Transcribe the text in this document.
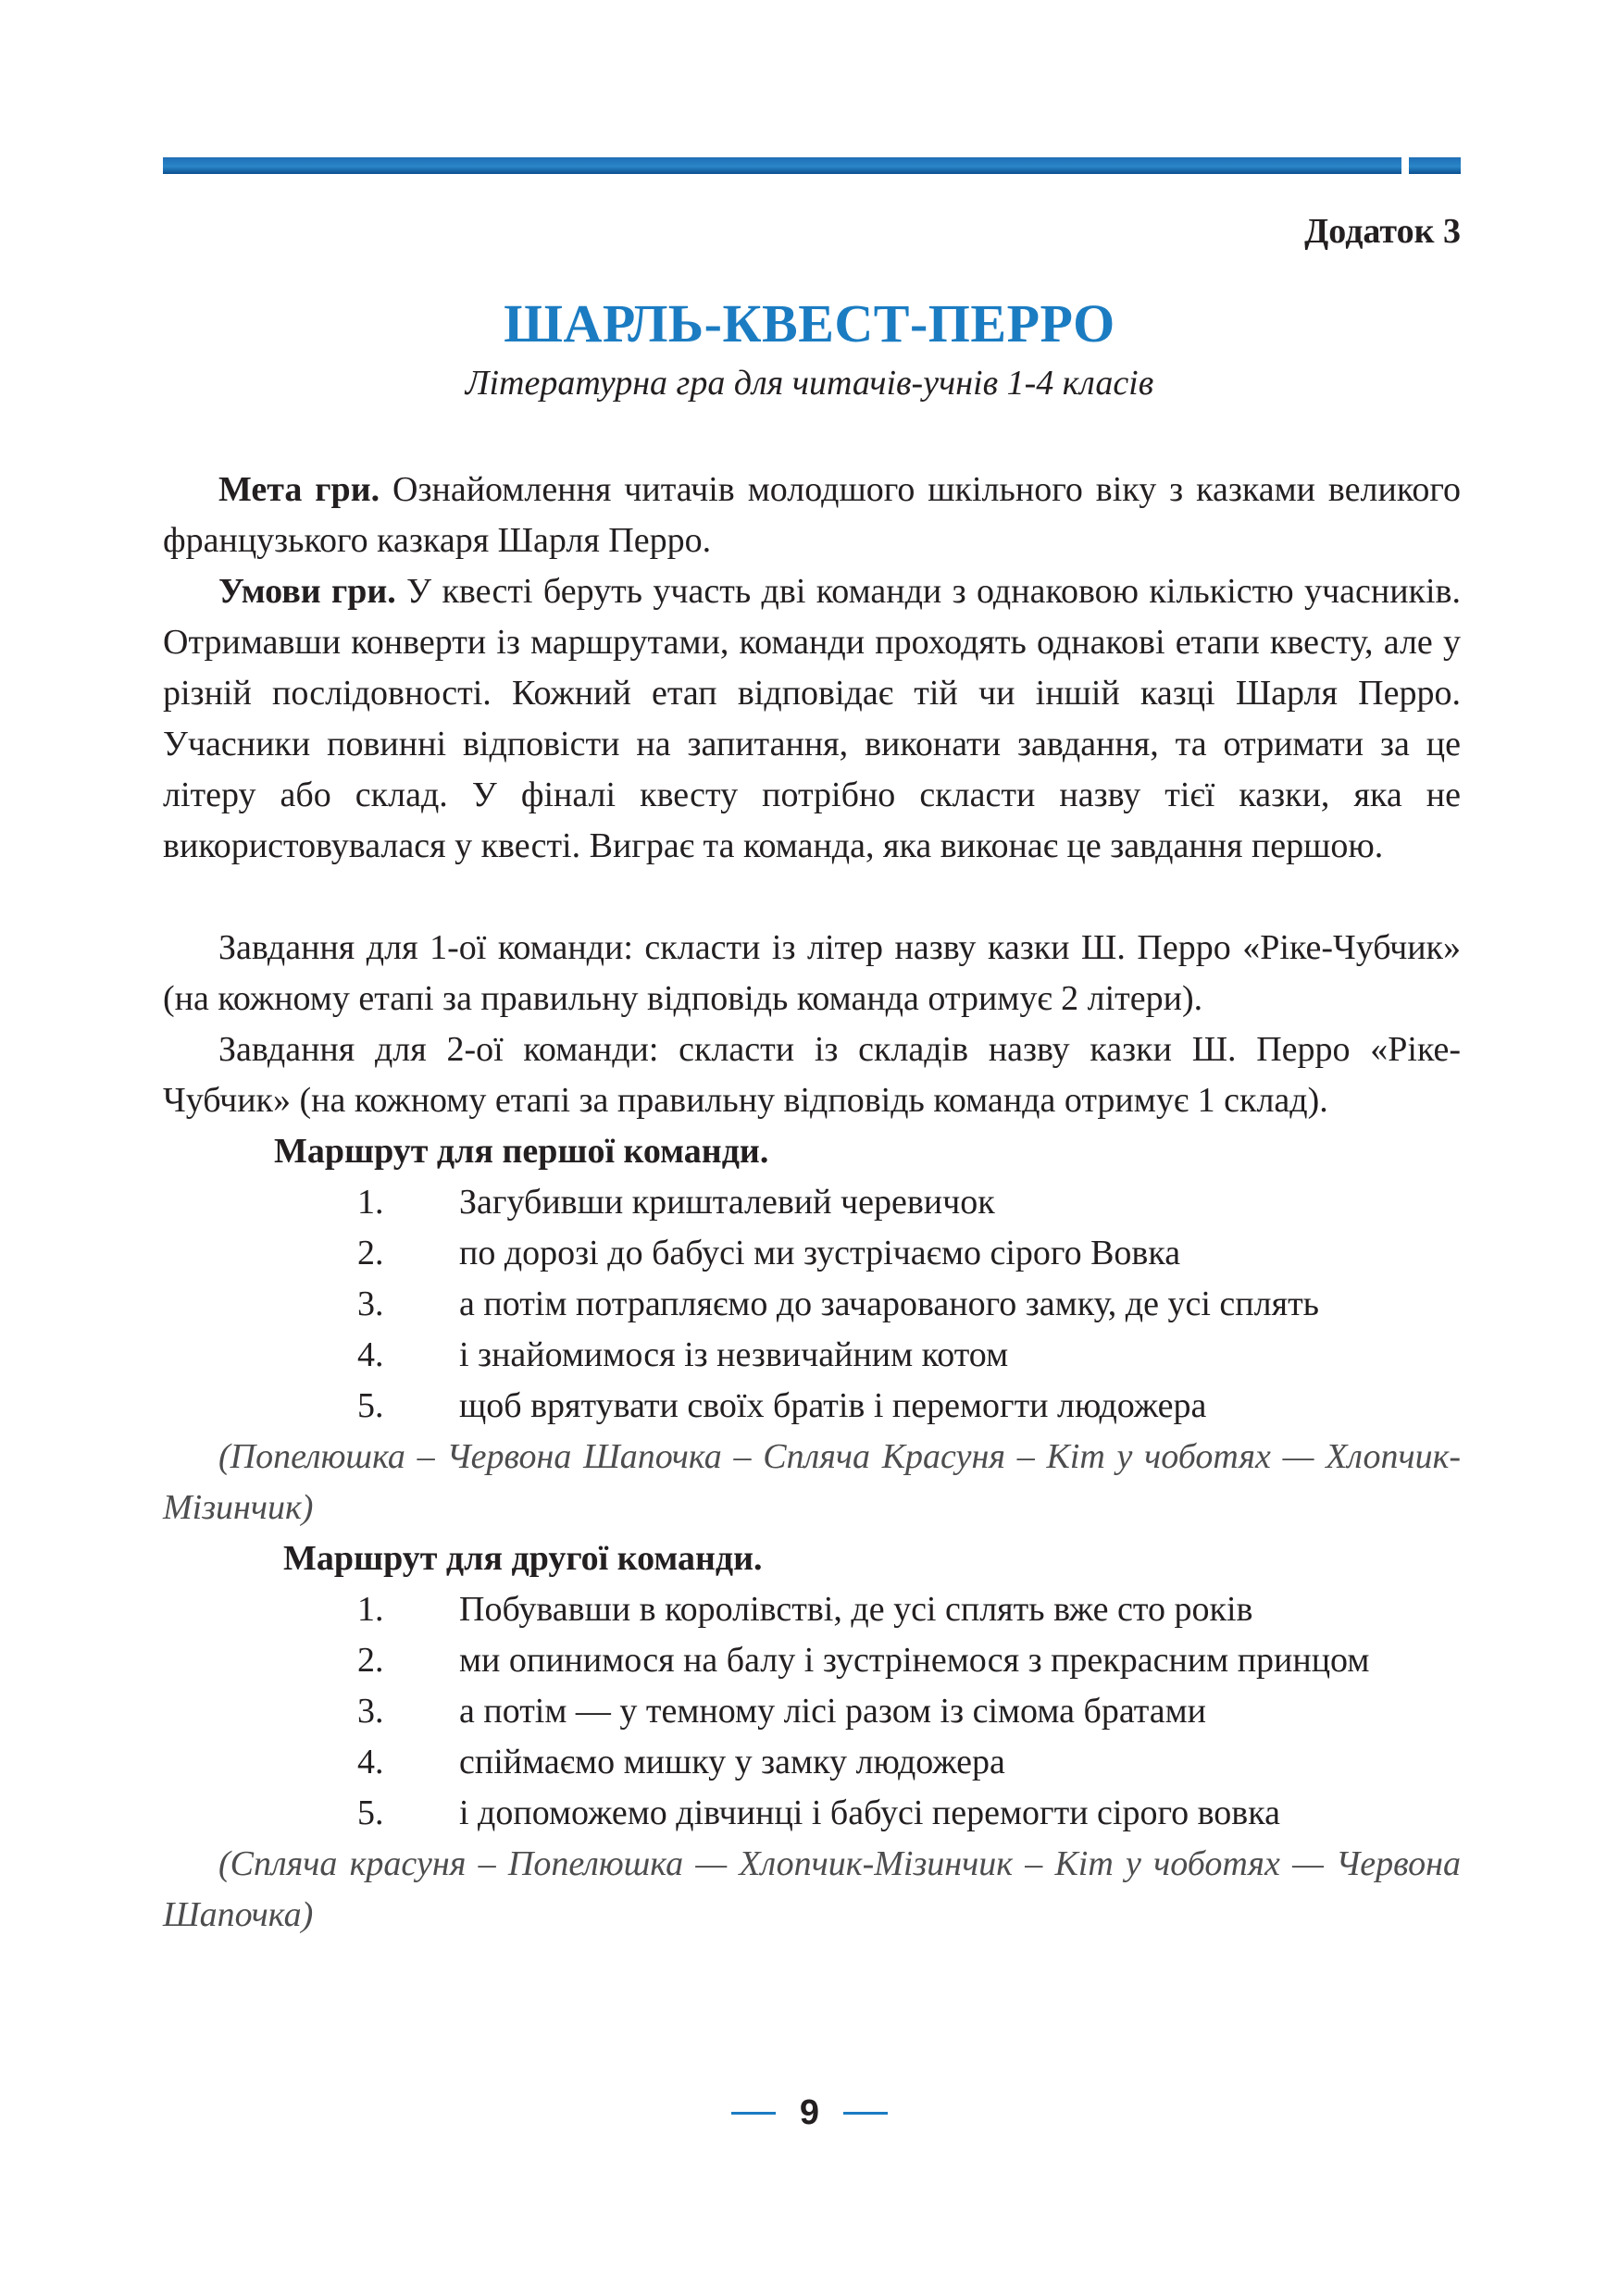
Додаток 3

ШАРЛЬ-КВЕСТ-ПЕРРО

Літературна гра для читачів-учнів 1-4 класів

Мета гри. Ознайомлення читачів молодшого шкільного віку з казками великого французького казкаря Шарля Перро.

Умови гри. У квесті беруть участь дві команди з однаковою кількістю учасників. Отримавши конверти із маршрутами, команди проходять однакові етапи квесту, але у різній послідовності. Кожний етап відповідає тій чи іншій казці Шарля Перро. Учасники повинні відповісти на запитання, виконати завдання, та отримати за це літеру або склад. У фіналі квесту потрібно скласти назву тієї казки, яка не використовувалася у квесті. Виграє та команда, яка виконає це завдання першою.

Завдання для 1-ої команди: скласти із літер назву казки Ш. Перро «Ріке-Чубчик» (на кожному етапі за правильну відповідь команда отримує 2 літери).

Завдання для 2-ої команди: скласти із складів назву казки Ш. Перро «Ріке-Чубчик» (на кожному етапі за правильну відповідь команда отримує 1 склад).

Маршрут для першої команди.

1.	Загубивши кришталевий черевичок
2.	по дорозі до бабусі ми зустрічаємо сірого Вовка
3.	а потім потрапляємо до зачарованого замку, де усі сплять
4.	і знайомимося із незвичайним котом
5.	щоб врятувати своїх братів і перемогти людожера

(Попелюшка – Червона Шапочка – Спляча Красуня – Кіт у чоботях — Хлопчик-Мізинчик)

Маршрут для другої команди.

1.	Побувавши в королівстві, де усі сплять вже сто років
2.	ми опинимося на балу і зустрінемося з прекрасним принцом
3.	а потім — у темному лісі разом із сімома братами
4.	спіймаємо мишку у замку людожера
5.	і допоможемо дівчинці і бабусі перемогти сірого вовка

(Спляча красуня – Попелюшка — Хлопчик-Мізинчик – Кіт у чоботях — Червона Шапочка)

9
